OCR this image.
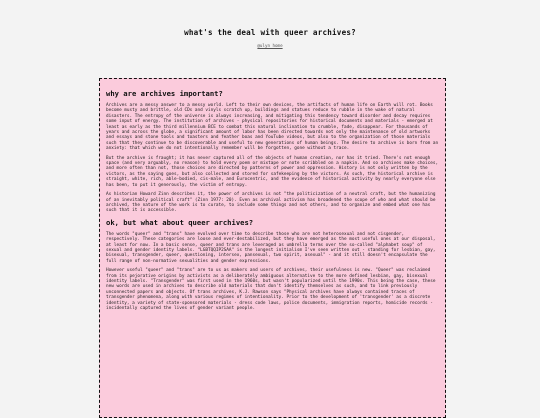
what's the deal with queer archives?
@ulyn home
why are archives important?

Archives are a messy answer to a messy world. Left to their own devices, the artifacts of human life on Earth will rot. Books become musty and brittle, old CDs and vinyls scratch up, buildings and statues reduce to rubble in the wake of natural disasters. The entropy of the universe is always increasing, and mitigating this tendency toward disorder and decay requires some input of energy. The institution of archives - physical repositories for historical documents and materials - emerged at least as early as the third millennium BCE to combat this natural inclination to crumble, fade, disappear. For thousands of years and across the globe, a significant amount of labor has been directed towards not only the maintenance of old artworks and essays and stone tools and toasters and feather boas and YouTube videos, but also to the organization of those materials such that they continue to be discoverable and useful to new generations of human beings. The desire to archive is born from an anxiety: that which we do not intentionally remember will be forgotten, gone without a trace.

But the archive is fraught; it has never captured all of the objects of human creation, nor has it tried. There's not enough space (and very arguably, no reason) to hold every poem or mixtape or note scribbled on a napkin. And so archives make choices, and more often than not, those choices are directed by patterns of power and oppression. History is not only written by the victors, as the saying goes, but also collected and stored for safekeeping by the victors. As such, the historical archive is straight, white, rich, able-bodied, cis-male, and Eurocentric, and the evidence of historical activity by nearly everyone else has been, to put it generously, the victim of entropy.

As historian Howard Zinn describes it, the power of archives is not "the politicization of a neutral craft, but the humanizing of an inevitably political craft" (Zinn 1977: 20). Even as archival activism has broadened the scope of who and what should be archived, the nature of the work is to curate, to include some things and not others, and to organize and embed what one has such that it is accessible.

ok, but what about queer archives?

The words "queer" and "trans" have evolved over time to describe those who are not heterosexual and not cisgender, respectively. These categories are loose and ever-destabilized, but they have emerged as the most useful ones at our disposal, at least for now. In a basic sense, queer and trans are leveraged as umbrella terms over the so-called "alphabet soup" of sexual and gender identity labels. "LGBTQQIP2SAA" is the longest initialism I've seen written out - standing for lesbian, gay, bisexual, transgender, queer, questioning, intersex, pansexual, two spirit, asexual" - and it still doesn't encapsulate the full range of non-normative sexualities and gender expressions.

However useful "queer" and "trans" are to us as makers and users of archives, their usefulness is new. "Queer" was reclaimed from its pejorative origins by activists as a deliberately ambiguous alternative to the more defined lesbian, gay, bisexual identity labels. "Transgender" was first used in the 1960s, but wasn't popularized until the 1990s. This being the case, these new words are used in archives to describe old materials that don't identify themselves as such, and to link previously unconnected papers and objects. Of trans archives, K.J. Rawson says "Physical archives have always contained traces of transgender phenomena, along with various regimes of intentionality. Prior to the development of 'transgender' as a discrete identity, a variety of state-sponsored materials - dress code laws, police documents, immigration reports, homicide records - incidentally captured the lives of gender variant people.
